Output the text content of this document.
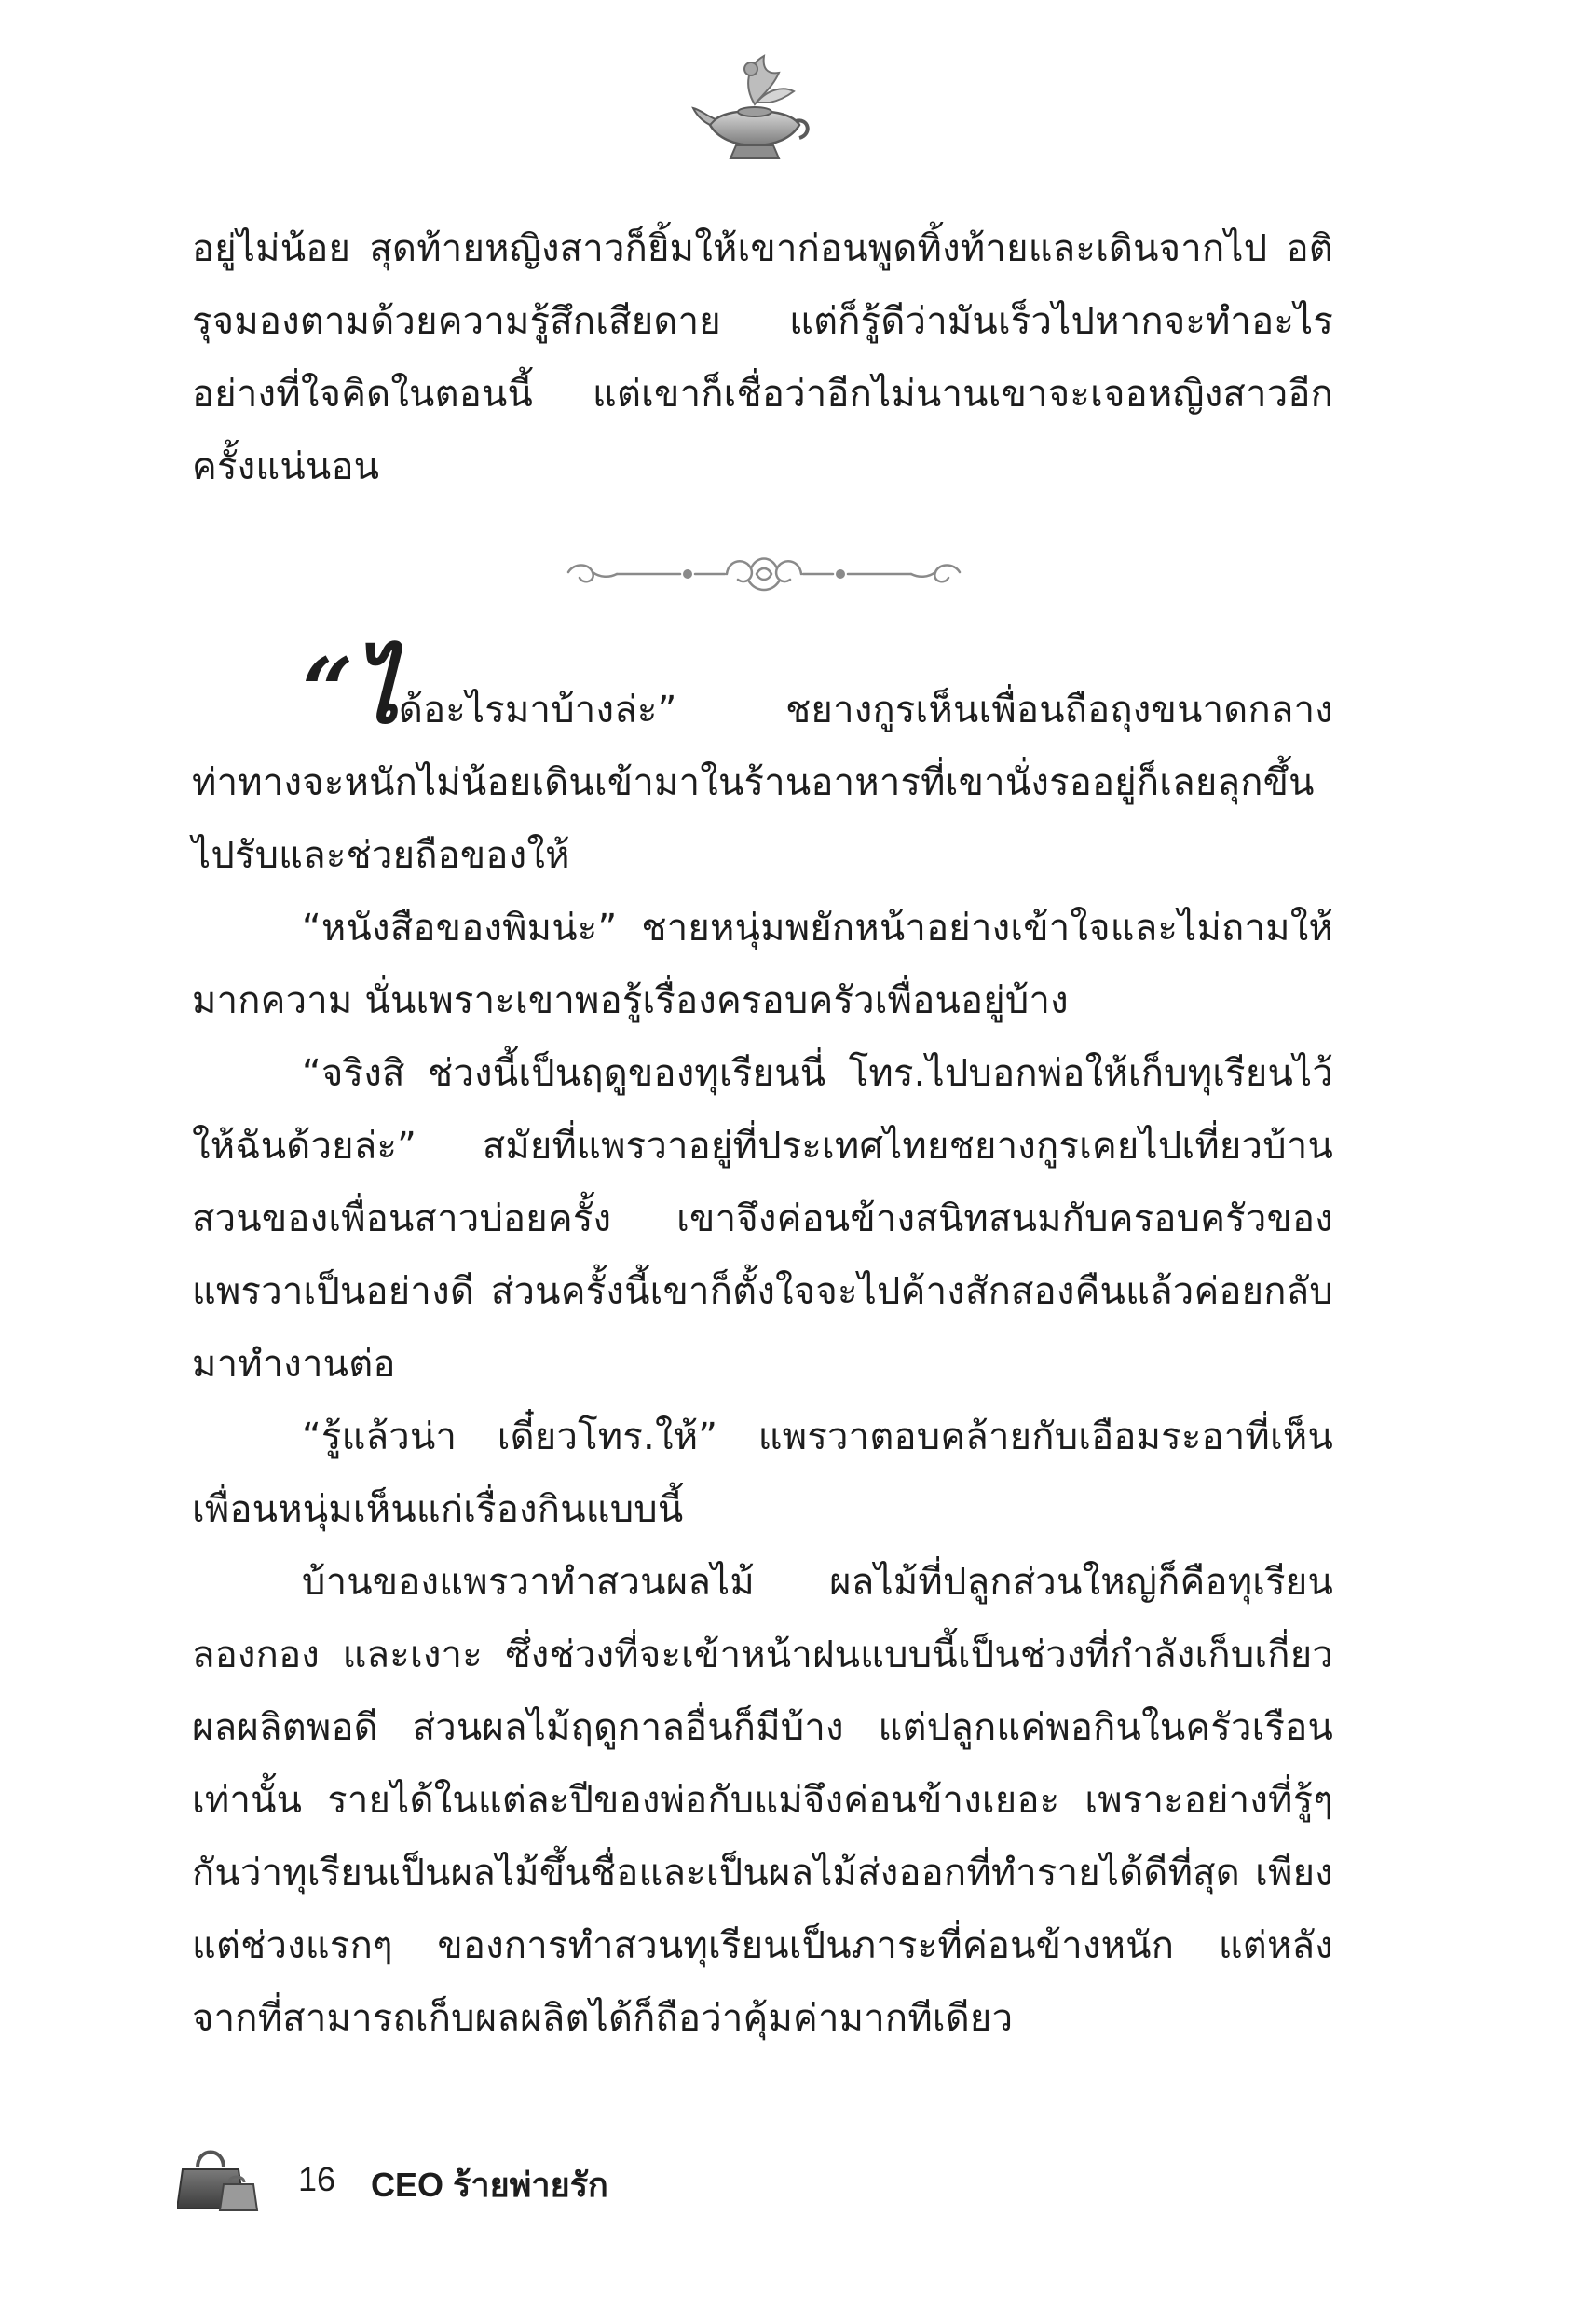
อยู่ไม่น้อย สุดท้ายหญิงสาวก็ยิ้มให้เขาก่อนพูดทิ้งท้ายและเดินจากไป อติรุจมองตามด้วยความรู้สึกเสียดาย แต่ก็รู้ดีว่ามันเร็วไปหากจะทำอะไรอย่างที่ใจคิดในตอนนี้ แต่เขาก็เชื่อว่าอีกไม่นานเขาจะเจอหญิงสาวอีกครั้งแน่นอน

“ได้อะไรมาบ้างล่ะ” ชยางกูรเห็นเพื่อนถือถุงขนาดกลางท่าทางจะหนักไม่น้อยเดินเข้ามาในร้านอาหารที่เขานั่งรออยู่ก็เลยลุกขึ้นไปรับและช่วยถือของให้

“หนังสือของพิมน่ะ” ชายหนุ่มพยักหน้าอย่างเข้าใจและไม่ถามให้มากความ นั่นเพราะเขาพอรู้เรื่องครอบครัวเพื่อนอยู่บ้าง

“จริงสิ ช่วงนี้เป็นฤดูของทุเรียนนี่ โทร.ไปบอกพ่อให้เก็บทุเรียนไว้ให้ฉันด้วยล่ะ” สมัยที่แพรวาอยู่ที่ประเทศไทยชยางกูรเคยไปเที่ยวบ้านสวนของเพื่อนสาวบ่อยครั้ง เขาจึงค่อนข้างสนิทสนมกับครอบครัวของแพรวาเป็นอย่างดี ส่วนครั้งนี้เขาก็ตั้งใจจะไปค้างสักสองคืนแล้วค่อยกลับมาทำงานต่อ

“รู้แล้วน่า เดี๋ยวโทร.ให้” แพรวาตอบคล้ายกับเอือมระอาที่เห็นเพื่อนหนุ่มเห็นแก่เรื่องกินแบบนี้

บ้านของแพรวาทำสวนผลไม้ ผลไม้ที่ปลูกส่วนใหญ่ก็คือทุเรียน ลองกอง และเงาะ ซึ่งช่วงที่จะเข้าหน้าฝนแบบนี้เป็นช่วงที่กำลังเก็บเกี่ยวผลผลิตพอดี ส่วนผลไม้ฤดูกาลอื่นก็มีบ้าง แต่ปลูกแค่พอกินในครัวเรือนเท่านั้น รายได้ในแต่ละปีของพ่อกับแม่จึงค่อนข้างเยอะ เพราะอย่างที่รู้ๆ กันว่าทุเรียนเป็นผลไม้ขึ้นชื่อและเป็นผลไม้ส่งออกที่ทำรายได้ดีที่สุด เพียงแต่ช่วงแรกๆ ของการทำสวนทุเรียนเป็นภาระที่ค่อนข้างหนัก แต่หลังจากที่สามารถเก็บผลผลิตได้ก็ถือว่าคุ้มค่ามากทีเดียว

16 CEO ร้ายพ่ายรัก
